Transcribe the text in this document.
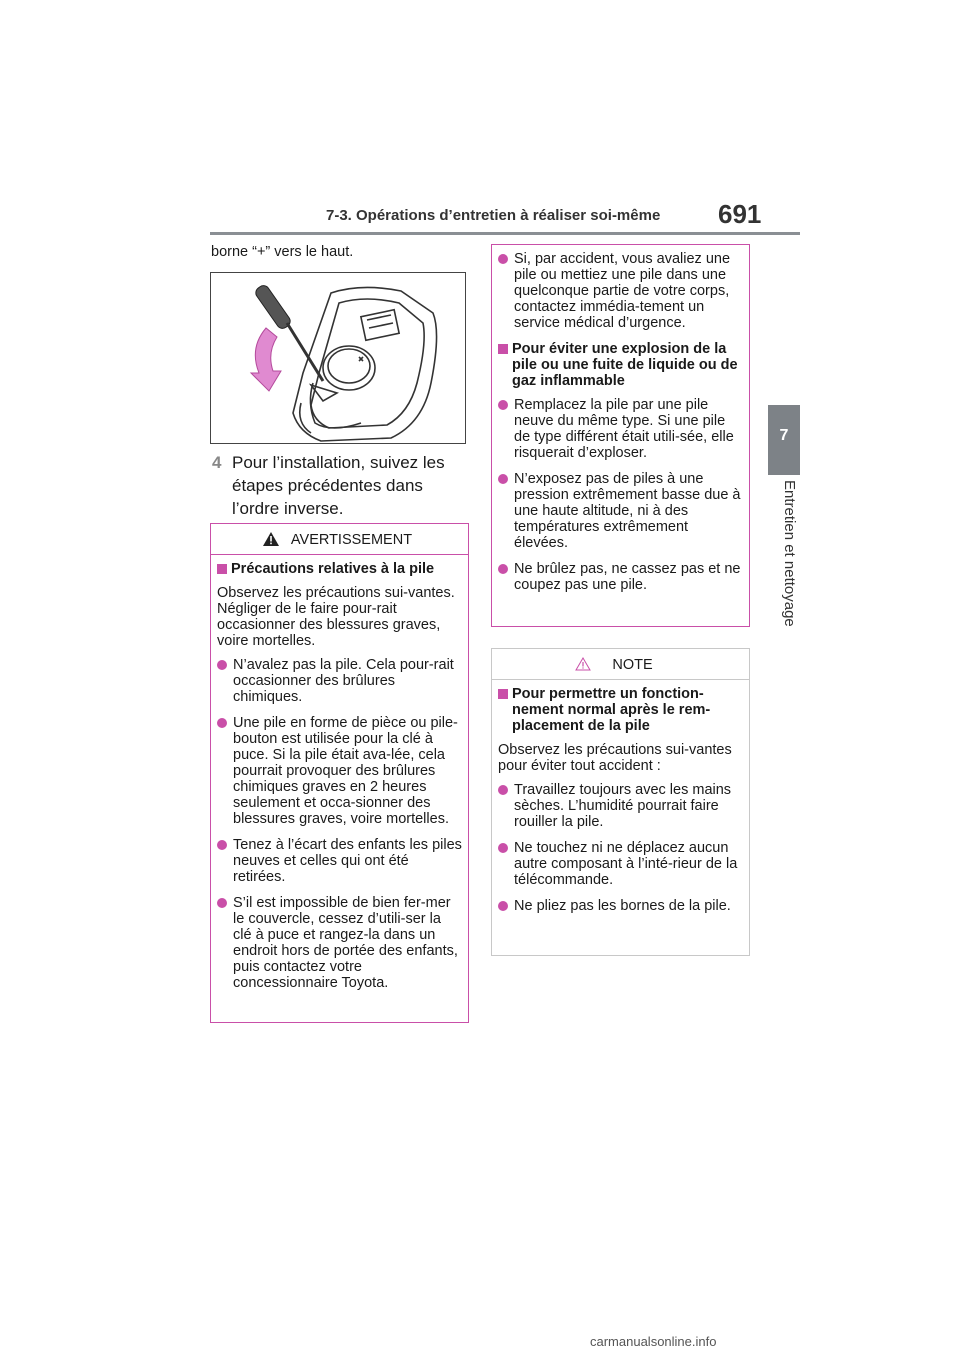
7-3. Opérations d’entretien à réaliser soi-même 691
7
Entretien et nettoyage
borne “+” vers le haut.
4 Pour l’installation, suivez les étapes précédentes dans l’ordre inverse.
AVERTISSEMENT
Précautions relatives à la pile
Observez les précautions sui-vantes. Négliger de le faire pour-rait occasionner des blessures graves, voire mortelles.
N’avalez pas la pile. Cela pour-rait occasionner des brûlures chimiques.
Une pile en forme de pièce ou pile-bouton est utilisée pour la clé à puce. Si la pile était ava-lée, cela pourrait provoquer des brûlures chimiques graves en 2 heures seulement et occa-sionner des blessures graves, voire mortelles.
Tenez à l’écart des enfants les piles neuves et celles qui ont été retirées.
S’il est impossible de bien fer-mer le couvercle, cessez d’utili-ser la clé à puce et rangez-la dans un endroit hors de portée des enfants, puis contactez votre concessionnaire Toyota.
Si, par accident, vous avaliez une pile ou mettiez une pile dans une quelconque partie de votre corps, contactez immédia-tement un service médical d’urgence.
Pour éviter une explosion de la pile ou une fuite de liquide ou de gaz inflammable
Remplacez la pile par une pile neuve du même type. Si une pile de type différent était utili-sée, elle risquerait d’exploser.
N’exposez pas de piles à une pression extrêmement basse due à une haute altitude, ni à des températures extrêmement élevées.
Ne brûlez pas, ne cassez pas et ne coupez pas une pile.
NOTE
Pour permettre un fonction-nement normal après le rem-placement de la pile
Observez les précautions sui-vantes pour éviter tout accident :
Travaillez toujours avec les mains sèches. L’humidité pourrait faire rouiller la pile.
Ne touchez ni ne déplacez aucun autre composant à l’inté-rieur de la télécommande.
Ne pliez pas les bornes de la pile.
carmanualsonline.info
